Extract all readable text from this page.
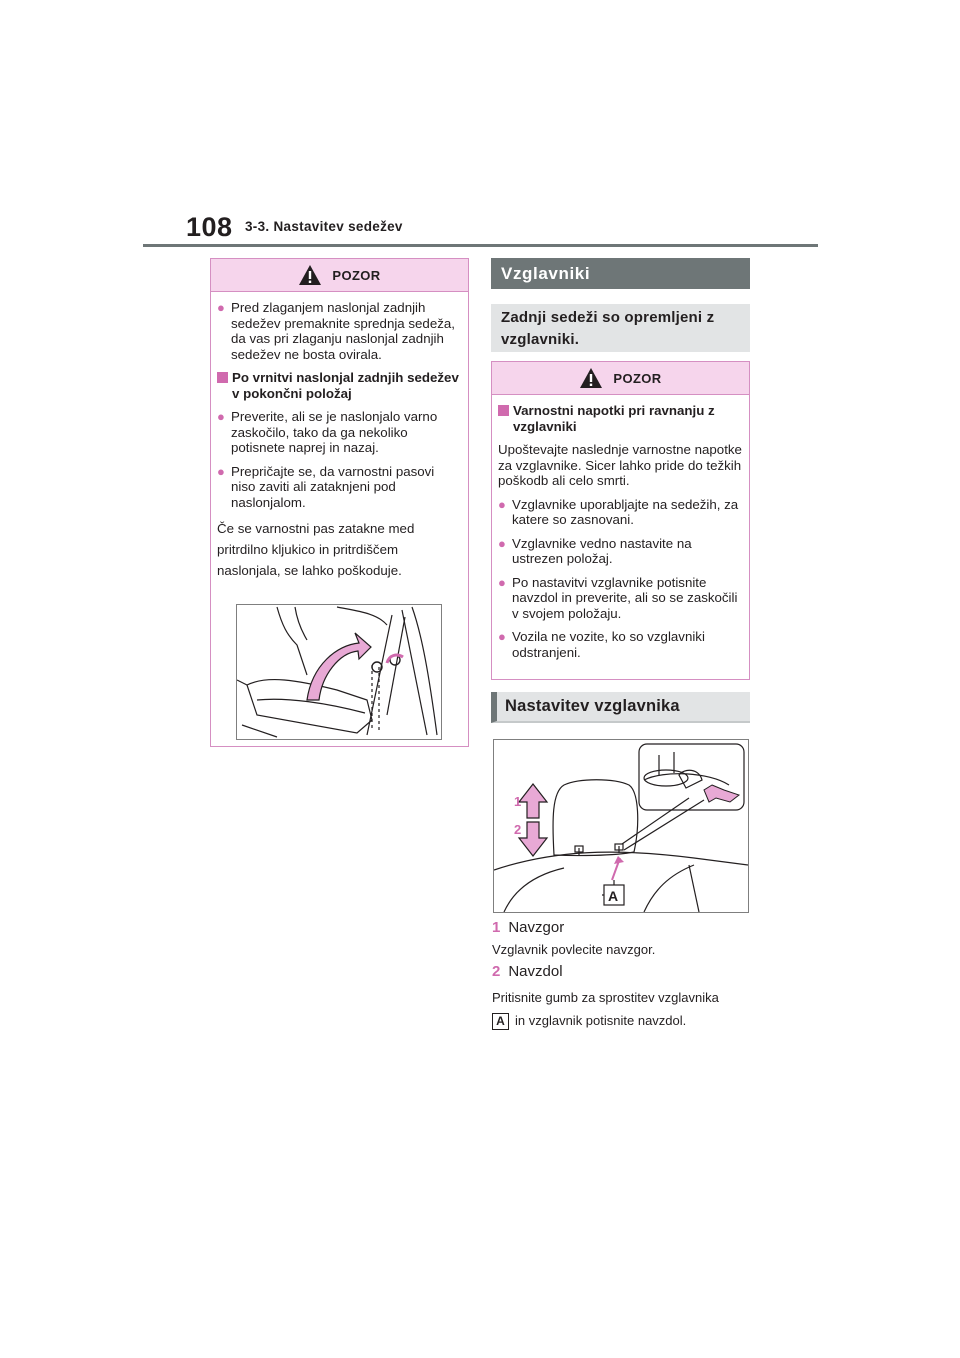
108 3-3. Nastavitev sedežev
POZOR
● Pred zlaganjem naslonjal zadnjih sedežev premaknite sprednja sedeža, da vas pri zlaganju naslonjal zadnjih sedežev ne bosta ovirala.
Po vrnitvi naslonjal zadnjih sedežev v pokončni položaj
● Preverite, ali se je naslonjalo varno zaskočilo, tako da ga nekoliko potisnete naprej in nazaj.
● Prepričajte se, da varnostni pasovi niso zaviti ali zataknjeni pod naslonjalom.
Če se varnostni pas zatakne med pritrdilno kljukico in pritrdiščem naslonjala, se lahko poškoduje.
Vzglavniki
Zadnji sedeži so opremljeni z vzglavniki.
POZOR
Varnostni napotki pri ravnanju z vzglavniki
Upoštevajte naslednje varnostne napotke za vzglavnike. Sicer lahko pride do težkih poškodb ali celo smrti.
● Vzglavnike uporabljajte na sedežih, za katere so zasnovani.
● Vzglavnike vedno nastavite na ustrezen položaj.
● Po nastavitvi vzglavnike potisnite navzdol in preverite, ali so se zaskočili v svojem položaju.
● Vozila ne vozite, ko so vzglavniki odstranjeni.
Nastavitev vzglavnika
1
2
A
1 Navzgor
Vzglavnik povlecite navzgor.
2 Navzdol
Pritisnite gumb za sprostitev vzglavnika
A in vzglavnik potisnite navzdol.
